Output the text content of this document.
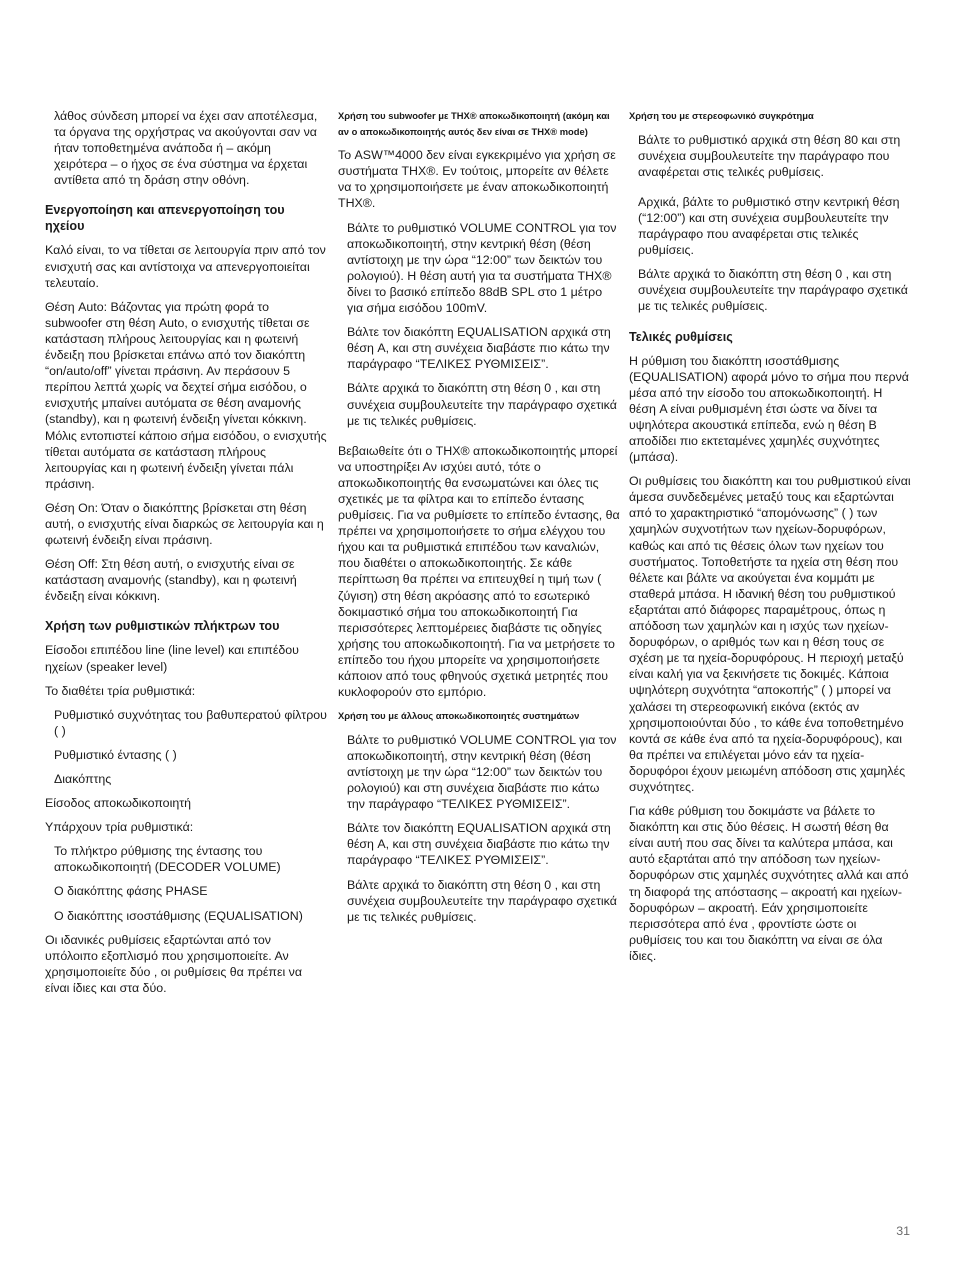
λάθος σύνδεση μπορεί να έχει σαν αποτέλεσμα, τα όργανα της ορχήστρας να ακούγονται σαν να ήταν τοποθετημένα ανάποδα ή – ακόμη χειρότερα – ο ήχος σε ένα σύστημα να έρχεται αντίθετα από τη δράση στην οθόνη.

Ενεργοποίηση και απενεργοποίηση του ηχείου

Καλό είναι, το να τίθεται σε λειτουργία πριν από τον ενισχυτή σας και αντίστοιχα να απενεργοποιείται τελευταίο.

Θέση Auto: Βάζοντας για πρώτη φορά το subwoofer στη θέση Auto, ο ενισχυτής τίθεται σε κατάσταση πλήρους λειτουργίας και η φωτεινή ένδειξη που βρίσκεται επάνω από τον διακόπτη “on/auto/off” γίνεται πράσινη. Αν περάσουν 5 περίπου λεπτά χωρίς να δεχτεί σήμα εισόδου, ο ενισχυτής μπαίνει αυτόματα σε θέση αναμονής (standby), και η φωτεινή ένδειξη γίνεται κόκκινη. Μόλις εντοπιστεί κάποιο σήμα εισόδου, ο ενισχυτής τίθεται αυτόματα σε κατάσταση πλήρους λειτουργίας και η φωτεινή ένδειξη γίνεται πάλι πράσινη.

Θέση On: Όταν ο διακόπτης βρίσκεται στη θέση αυτή, ο ενισχυτής είναι διαρκώς σε λειτουργία και η φωτεινή ένδειξη είναι πράσινη.

Θέση Off: Στη θέση αυτή, ο ενισχυτής είναι σε κατάσταση αναμονής (standby), και η φωτεινή ένδειξη είναι κόκκινη.

Χρήση των ρυθμιστικών πλήκτρων του

Είσοδοι επιπέδου line (line level) και επιπέδου ηχείων (speaker level)

Το διαθέτει τρία ρυθμιστικά:

Ρυθμιστικό συχνότητας του βαθυπερατού φίλτρου ( )

Ρυθμιστικό έντασης ( )

Διακόπτης

Είσοδος αποκωδικοποιητή

Υπάρχουν τρία ρυθμιστικά:

Το πλήκτρο ρύθμισης της έντασης του αποκωδικοποιητή (DECODER VOLUME)

Ο διακόπτης φάσης PHASE

Ο διακόπτης ισοστάθμισης (EQUALISATION)

Οι ιδανικές ρυθμίσεις εξαρτώνται από τον υπόλοιπο εξοπλισμό που χρησιμοποιείτε. Αν χρησιμοποιείτε δύο , οι ρυθμίσεις θα πρέπει να είναι ίδιες και στα δύο.

Χρήση του subwoofer με THX® αποκωδικοποιητή (ακόμη και αν ο αποκωδικοποιητής αυτός δεν είναι σε THX® mode)

Το ASW™4000 δεν είναι εγκεκριμένο για χρήση σε συστήματα THX®. Εν τούτοις, μπορείτε αν θέλετε να το χρησιμοποιήσετε με έναν αποκωδικοποιητή THX®.

Βάλτε το ρυθμιστικό VOLUME CONTROL για τον αποκωδικοποιητή, στην κεντρική θέση (θέση αντίστοιχη με την ώρα “12:00” των δεικτών του ρολογιού). Η θέση αυτή για τα συστήματα THX® δίνει το βασικό επίπεδο 88dB SPL στο 1 μέτρο για σήμα εισόδου 100mV.

Βάλτε τον διακόπτη EQUALISATION αρχικά στη θέση A, και στη συνέχεια διαβάστε πιο κάτω την παράγραφο “ΤΕΛΙΚΕΣ ΡΥΘΜΙΣΕΙΣ”.

Βάλτε αρχικά το διακόπτη στη θέση 0 , και στη συνέχεια συμβουλευτείτε την παράγραφο σχετικά με τις τελικές ρυθμίσεις.

Βεβαιωθείτε ότι ο THX® αποκωδικοποιητής μπορεί να υποστηρίξει Αν ισχύει αυτό, τότε ο αποκωδικοποιητής θα ενσωματώνει και όλες τις σχετικές με τα φίλτρα και το επίπεδο έντασης ρυθμίσεις. Για να ρυθμίσετε το επίπεδο έντασης, θα πρέπει να χρησιμοποιήσετε το σήμα ελέγχου του ήχου και τα ρυθμιστικά επιπέδου των καναλιών, που διαθέτει ο αποκωδικοποιητής. Σε κάθε περίπτωση θα πρέπει να επιτευχθεί η τιμή των ( ζύγιση) στη θέση ακρόασης από το εσωτερικό δοκιμαστικό σήμα του αποκωδικοποιητή Για περισσότερες λεπτομέρειες διαβάστε τις οδηγίες χρήσης του αποκωδικοποιητή. Για να μετρήσετε το επίπεδο του ήχου μπορείτε να χρησιμοποιήσετε κάποιον από τους φθηνούς σχετικά μετρητές που κυκλοφορούν στο εμπόριο.

Χρήση του με άλλους αποκωδικοποιητές συστημάτων

Βάλτε το ρυθμιστικό VOLUME CONTROL για τον αποκωδικοποιητή, στην κεντρική θέση (θέση αντίστοιχη με την ώρα “12:00” των δεικτών του ρολογιού) και στη συνέχεια διαβάστε πιο κάτω την παράγραφο “ΤΕΛΙΚΕΣ ΡΥΘΜΙΣΕΙΣ”.

Βάλτε τον διακόπτη EQUALISATION αρχικά στη θέση A, και στη συνέχεια διαβάστε πιο κάτω την παράγραφο “ΤΕΛΙΚΕΣ ΡΥΘΜΙΣΕΙΣ”.

Βάλτε αρχικά το διακόπτη στη θέση 0 , και στη συνέχεια συμβουλευτείτε την παράγραφο σχετικά με τις τελικές ρυθμίσεις.

Χρήση του με στερεοφωνικό συγκρότημα

Βάλτε το ρυθμιστικό αρχικά στη θέση 80 και στη συνέχεια συμβουλευτείτε την παράγραφο που αναφέρεται στις τελικές ρυθμίσεις.

Αρχικά, βάλτε το ρυθμιστικό στην κεντρική θέση (“12:00”) και στη συνέχεια συμβουλευτείτε την παράγραφο που αναφέρεται στις τελικές ρυθμίσεις.

Βάλτε αρχικά το διακόπτη στη θέση 0 , και στη συνέχεια συμβουλευτείτε την παράγραφο σχετικά με τις τελικές ρυθμίσεις.

Τελικές ρυθμίσεις

Η ρύθμιση του διακόπτη ισοστάθμισης (EQUALISATION) αφορά μόνο το σήμα που περνά μέσα από την είσοδο του αποκωδικοποιητή. Η θέση A είναι ρυθμισμένη έτσι ώστε να δίνει τα υψηλότερα ακουστικά επίπεδα, ενώ η θέση B αποδίδει πιο εκτεταμένες χαμηλές συχνότητες (μπάσα).

Οι ρυθμίσεις του διακόπτη και του ρυθμιστικού είναι άμεσα συνδεδεμένες μεταξύ τους και εξαρτώνται από το χαρακτηριστικό “απομόνωσης” ( ) των χαμηλών συχνοτήτων των ηχείων-δορυφόρων, καθώς και από τις θέσεις όλων των ηχείων του συστήματος. Τοποθετήστε τα ηχεία στη θέση που θέλετε και βάλτε να ακούγεται ένα κομμάτι με σταθερά μπάσα. Η ιδανική θέση του ρυθμιστικού εξαρτάται από διάφορες παραμέτρους, όπως η απόδοση των χαμηλών και η ισχύς των ηχείων-δορυφόρων, ο αριθμός των και η θέση τους σε σχέση με τα ηχεία-δορυφόρους. Η περιοχή μεταξύ είναι καλή για να ξεκινήσετε τις δοκιμές. Κάποια υψηλότερη συχνότητα “αποκοπής” ( ) μπορεί να χαλάσει τη στερεοφωνική εικόνα (εκτός αν χρησιμοποιούνται δύο , το κάθε ένα τοποθετημένο κοντά σε κάθε ένα από τα ηχεία-δορυφόρους), και θα πρέπει να επιλέγεται μόνο εάν τα ηχεία-δορυφόροι έχουν μειωμένη απόδοση στις χαμηλές συχνότητες.

Για κάθε ρύθμιση του δοκιμάστε να βάλετε το διακόπτη και στις δύο θέσεις. Η σωστή θέση θα είναι αυτή που σας δίνει τα καλύτερα μπάσα, και αυτό εξαρτάται από την απόδοση των ηχείων-δορυφόρων στις χαμηλές συχνότητες αλλά και από τη διαφορά της απόστασης – ακροατή και ηχείων-δορυφόρων – ακροατή. Εάν χρησιμοποιείτε περισσότερα από ένα , φροντίστε ώστε οι ρυθμίσεις του και του διακόπτη να είναι σε όλα ίδιες.

31
